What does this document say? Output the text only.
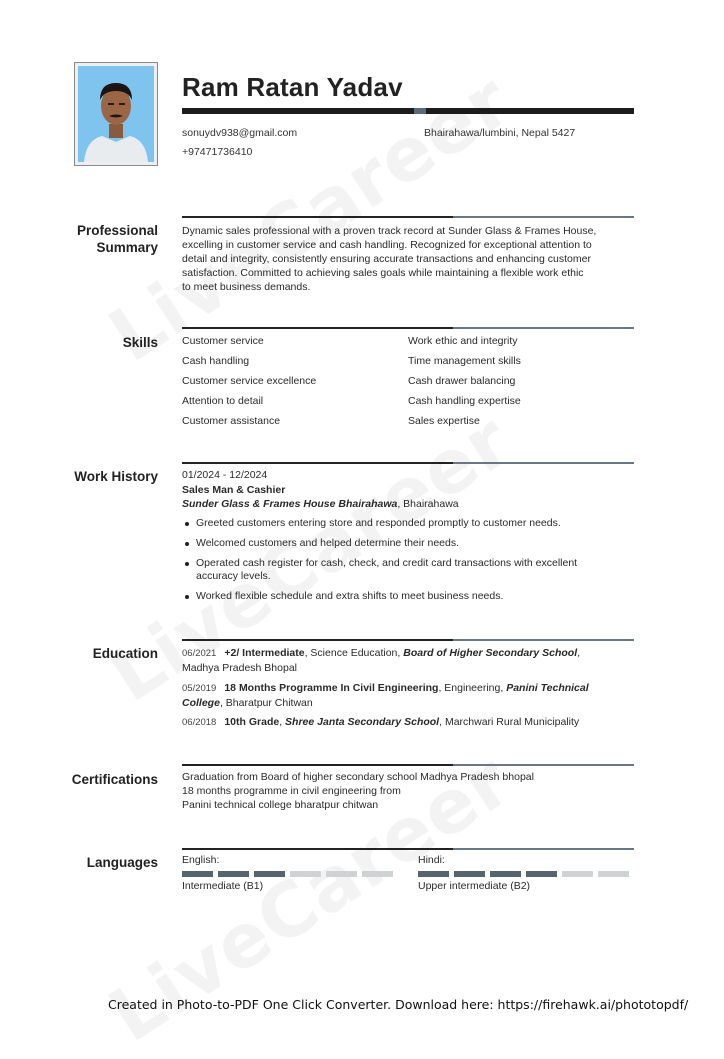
Ram Ratan Yadav
sonuydv938@gmail.com	Bhairahawa/lumbini, Nepal 5427
+97471736410
Professional
Summary
Dynamic sales professional with a proven track record at Sunder Glass & Frames House,
excelling in customer service and cash handling. Recognized for exceptional attention to
detail and integrity, consistently ensuring accurate transactions and enhancing customer
satisfaction. Committed to achieving sales goals while maintaining a flexible work ethic
to meet business demands.
Skills Customer service
Cash handling
Customer service excellence
Attention to detail
Customer assistance
Work ethic and integrity
Time management skills
Cash drawer balancing
Cash handling expertise
Sales expertise
Work History 01/2024 - 12/2024
Sales Man & Cashier
Sunder Glass & Frames House Bhairahawa, Bhairahawa
Greeted customers entering store and responded promptly to customer needs.
Welcomed customers and helped determine their needs.
Operated cash register for cash, check, and credit card transactions with excellent
accuracy levels.
Worked flexible schedule and extra shifts to meet business needs.
Education	06/2021 +2/ Intermediate, Science Education, Board of Higher Secondary School,
Madhya Pradesh Bhopal
05/2019 18 Months Programme In Civil Engineering, Engineering, Panini Technical
College, Bharatpur Chitwan
06/2018 10th Grade, Shree Janta Secondary School, Marchwari Rural Municipality
Certifications Graduation from Board of higher secondary school Madhya Pradesh bhopal
18 months programme in civil engineering from
Panini technical college bharatpur chitwan
Languages English:
Intermediate (B1)
Hindi:
Upper intermediate (B2)
Created in Photo-to-PDF One Click Converter. Download here: https://firehawk.ai/phototopdf/
